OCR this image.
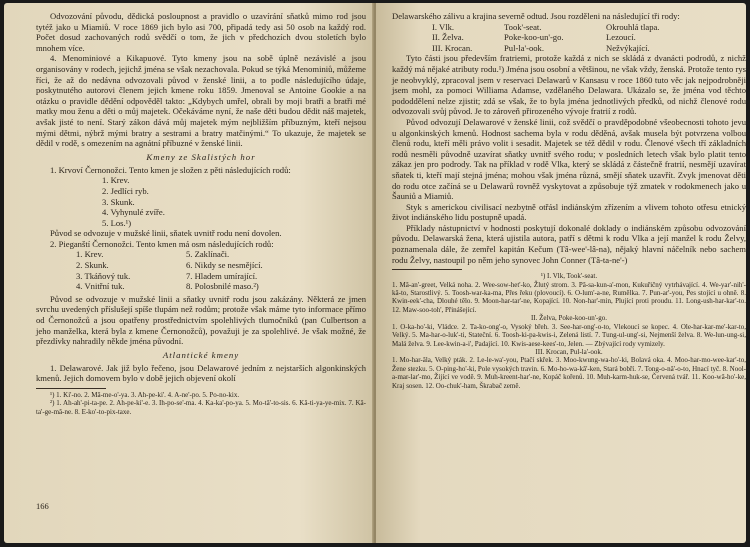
Odvozování původu, dědická posloupnost a pravidlo o uzavírání sňatků mimo rod jsou tytéž jako u Miamiů. V roce 1869 jich bylo asi 700, připadá tedy asi 50 osob na každý rod. Počet dosud zachovaných rodů svědčí o tom, že jich v předchozích dvou stoletích bylo mnohem více.

4. Menominiové a Kikapuové. Tyto kmeny jsou na sobě úplně nezávislé a jsou organisovány v rodech, jejichž jména se však nezachovala. Pokud se týká Menominiů, můžeme říci, že až do nedávna odvozovali původ v ženské linii, a to podle následujícího údaje, poskytnutého autorovi členem jejich kmene roku 1859. Jmenoval se Antoine Gookie a na otázku o pravidle dědění odpověděl takto: „Kdybych umřel, obrali by moji bratři a bratři mé matky mou ženu a děti o můj majetek. Očekáváme nyní, že naše děti budou dědit náš majetek, avšak jisté to není. Starý zákon dává můj majetek mým nejbližším příbuzným, kteří nejsou mými dětmi, nýbrž mými bratry a sestrami a bratry matčinými.“ To ukazuje, že majetek se dědil v rodě, s omezením na agnátní příbuzné v ženské linii.

Kmeny ze Skalistých hor

1. Krvoví Černonožci. Tento kmen je složen z pěti následujících rodů:

1. Krev.
2. Jedlíci ryb.
3. Skunk.
4. Vyhynulé zvíře.
5. Los.¹)

Původ se odvozuje v mužské linii, sňatek uvnitř rodu není dovolen.

2. Pieganští Černonožci. Tento kmen má osm následujících rodů:

1. Krev.
2. Skunk.
3. Tkáňový tuk.
4. Vnitřní tuk.
5. Zaklínači.
6. Nikdy se nesmějící.
7. Hladem umírající.
8. Polosbnilé maso.²)

Původ se odvozuje v mužské linii a sňatky uvnitř rodu jsou zakázány. Některá ze jmen svrchu uvedených příslušejí spíše tlupám než rodům; protože však máme tyto informace přímo od Černonožců a jsou opatřeny prostřednictvím spolehlivých tlumočníků (pan Culbertson a jeho manželka, která byla z kmene Černonožců), považuji je za spolehlivé. Je však možné, že přezdívky nahradily někde jména původní.

Atlantické kmeny

1. Delawarové. Jak již bylo řečeno, jsou Delawarové jedním z nejstarších algonkinských kmenů. Jejich domovem bylo v době jejich objevení okolí

¹) 1. Ki'-no. 2. Mâ-me-o'-ya. 3. Ah-pe-ki'. 4. A-ne'-po. 5. Po-no-kix.

²) 1. Ah-ah'-pi-ta-pe. 2. Ah-pe-ki'-e. 3. Ih-po-se'-ma. 4. Ka-ka'-po-ya. 5. Mo-tâ'-to-sis. 6. Kâ-ti-ya-ye-mix. 7. Kâ-ta'-ge-mâ-ne. 8. E-ko'-to-pix-taxe.

166

Delawarského zálivu a krajina severně odtud. Jsou rozděleni na následující tři rody:

I. Vlk.	Took'-seat.	Okrouhlá tlapa.
II. Želva.	Poke-koo-un'-go.	Lezoucí.
III. Krocan.	Pul-la'-ook.	Nežvýkající.

Tyto části jsou především fratriemi, protože každá z nich se skládá z dvanácti podrodů, z nichž každý má nějaké atributy rodu.¹) Jména jsou osobní a většinou, ne však vždy, ženská. Protože tento rys je neobvyklý, zpracoval jsem v reservaci Delawarů v Kansasu v roce 1860 tuto věc jak nejpodrobněji jsem mohl, za pomoci Williama Adamse, vzdělaného Delawara. Ukázalo se, že jména vod těchto pododdělení nelze zjistit; zdá se však, že to byla jména jednotlivých předků, od nichž členové rodu odvozovali svůj původ. Je to zároveň přirozeného vývoje fratrií z rodů.

Původ odvozují Delawarové v ženské linii, což svědčí o pravděpodobné všeobecnosti tohoto jevu u algonkinských kmenů. Hodnost sachema byla v rodu děděná, avšak musela být potvrzena volbou členů rodu, kteří měli právo volit i sesadit. Majetek se též dědil v rodu. Členové všech tří základních rodů nesměli původně uzavírat sňatky uvnitř svého rodu; v posledních letech však bylo platit tento zákaz jen pro podrody. Tak na příklad v rodě Vlka, který se skládá z částečně fratrií, nesmějí uzavírat sňatek ti, kteří mají stejná jména; mohou však jména různá, smějí sňatek uzavřít. Zvyk jmenovat děti do rodu otce začíná se u Delawarů rovněž vyskytovat a způsobuje týž zmatek v rodokmenech jako u Šauniů a Miamiů.

Styk s americkou civilisací nezbytně otřásl indiánským zřízením a vlivem tohoto otřesu etnický život indiánského lidu postupně upadá.

Příklady nástupnictví v hodnosti poskytují dokonalé doklady o indiánském způsobu odvozování původu. Delawarská žena, která ujistila autora, patří s dětmi k rodu Vlka a její manžel k rodu Želvy, poznamenala dále, že zemřel kapitán Kečum (Tâ-wee'-lâ-na), nějaký hlavní náčelník nebo sachem rodu Želvy, nastoupil po něm jeho synovec John Conner (Tâ-ta-ne'-)

¹) I. Vlk, Took'-seat.

1. Mâ-an'-greet, Velká noha. 2. Wee-sow-het'-ko, Žlutý strom. 3. Pâ-sa-kun-a'-mon, Kukuřičný vytrhávající. 4. We-yar'-nih'-kâ-to, Starostlivý. 5. Toosh-war-ka-ma, Přes řeku (plovoucí). 6. O-lum'-a-ne, Rumělka. 7. Pun-ar'-you, Pes stojící u ohně. 8. Kwin-eek'-cha, Dlouhé tělo. 9. Moon-har-tar'-ne, Kopající. 10. Non-har'-min, Plující proti proudu. 11. Long-ush-har-kar'-to. 12. Maw-soo-toh', Přinášející.

II. Želva, Poke-koo-un'-go.

1. O-ka-ho'-ki, Vládce. 2. Ta-ko-ong'-o, Vysoký břeh. 3. See-har-ong'-o-to, Vlekoucí se kopec. 4. Ole-har-kar-me'-kar-to, Velký. 5. Ma-har-o-luk'-ti, Stateční. 6. Toosh-ki-pa-kwis-i, Zelená listí. 7. Tung-ul-ung'-si, Nejmenší želva. 8. We-lun-ung-si, Malá želva. 9. Lee-kwin-a-i', Padající. 10. Kwis-aese-kees'-to, Jelen. — Zbývající rody vymizely.

III. Krocan, Pul-la'-ook.

1. Mo-har-âla, Velký pták. 2. Le-le-wa'-you, Ptačí skřek. 3. Moo-kwung-wa-ho'-ki, Bolavá oka. 4. Moo-har-mo-wee-kar'-to, Žene stezku. 5. O-ping-ho'-ki, Pole vysokých travin. 6. Mo-ho-wa-kâ'-ken, Stará bobří. 7. Tong-o-nâ'-o-to, Hnací tyč. 8. Nool-a-mar-lar'-mo, Žijící ve vodě. 9. Muh-kreent-har'-ne, Kopáč kořenů. 10. Muh-karm-huk-se, Červená tvář. 11. Koo-wâ-ho'-ke, Kraj sosen. 12. Oo-chuk'-ham, Škrabač země.
